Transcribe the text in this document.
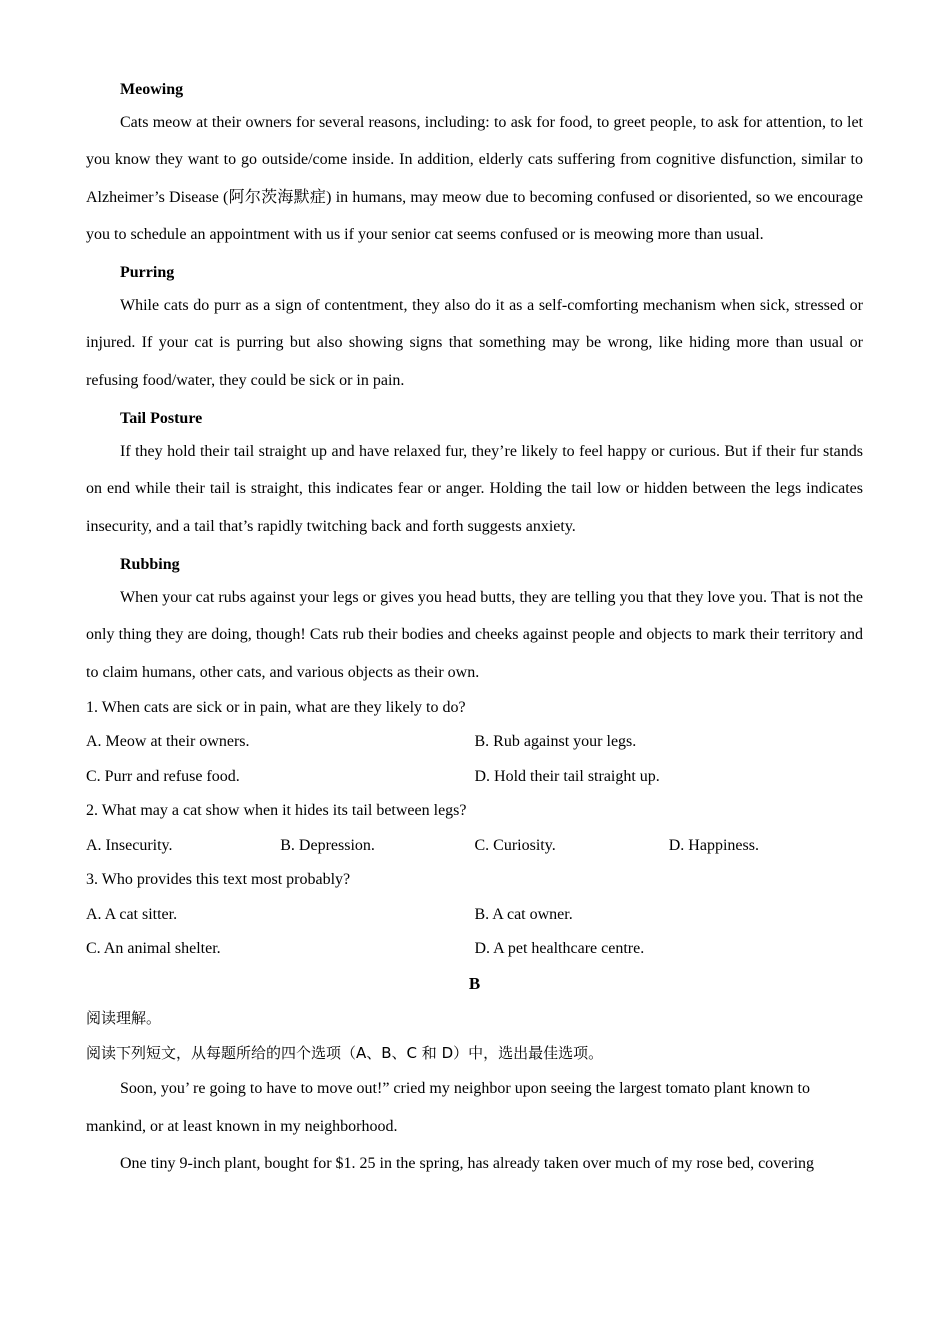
Meowing

Cats meow at their owners for several reasons, including: to ask for food, to greet people, to ask for attention, to let you know they want to go outside/come inside. In addition, elderly cats suffering from cognitive disfunction, similar to Alzheimer’s Disease (阿尔茨海默症) in humans, may meow due to becoming confused or disoriented, so we encourage you to schedule an appointment with us if your senior cat seems confused or is meowing more than usual.

Purring

While cats do purr as a sign of contentment, they also do it as a self-comforting mechanism when sick, stressed or injured. If your cat is purring but also showing signs that something may be wrong, like hiding more than usual or refusing food/water, they could be sick or in pain.

Tail Posture

If they hold their tail straight up and have relaxed fur, they’re likely to feel happy or curious. But if their fur stands on end while their tail is straight, this indicates fear or anger. Holding the tail low or hidden between the legs indicates insecurity, and a tail that’s rapidly twitching back and forth suggests anxiety.

Rubbing

When your cat rubs against your legs or gives you head butts, they are telling you that they love you. That is not the only thing they are doing, though! Cats rub their bodies and cheeks against people and objects to mark their territory and to claim humans, other cats, and various objects as their own.

1. When cats are sick or in pain, what are they likely to do?
A. Meow at their owners.	B. Rub against your legs.
C. Purr and refuse food.	D. Hold their tail straight up.
2. What may a cat show when it hides its tail between legs?
A. Insecurity.	B. Depression.	C. Curiosity.	D. Happiness.
3. Who provides this text most probably?
A. A cat sitter.	B. A cat owner.
C. An animal shelter.	D. A pet healthcare centre.
B
阅读理解。
阅读下列短文，从每题所给的四个选项（A、B、C 和 D）中，选出最佳选项。

Soon, you’ re going to have to move out!” cried my neighbor upon seeing the largest tomato plant known to mankind, or at least known in my neighborhood.

One tiny 9-inch plant, bought for $1. 25 in the spring, has already taken over much of my rose bed, covering
